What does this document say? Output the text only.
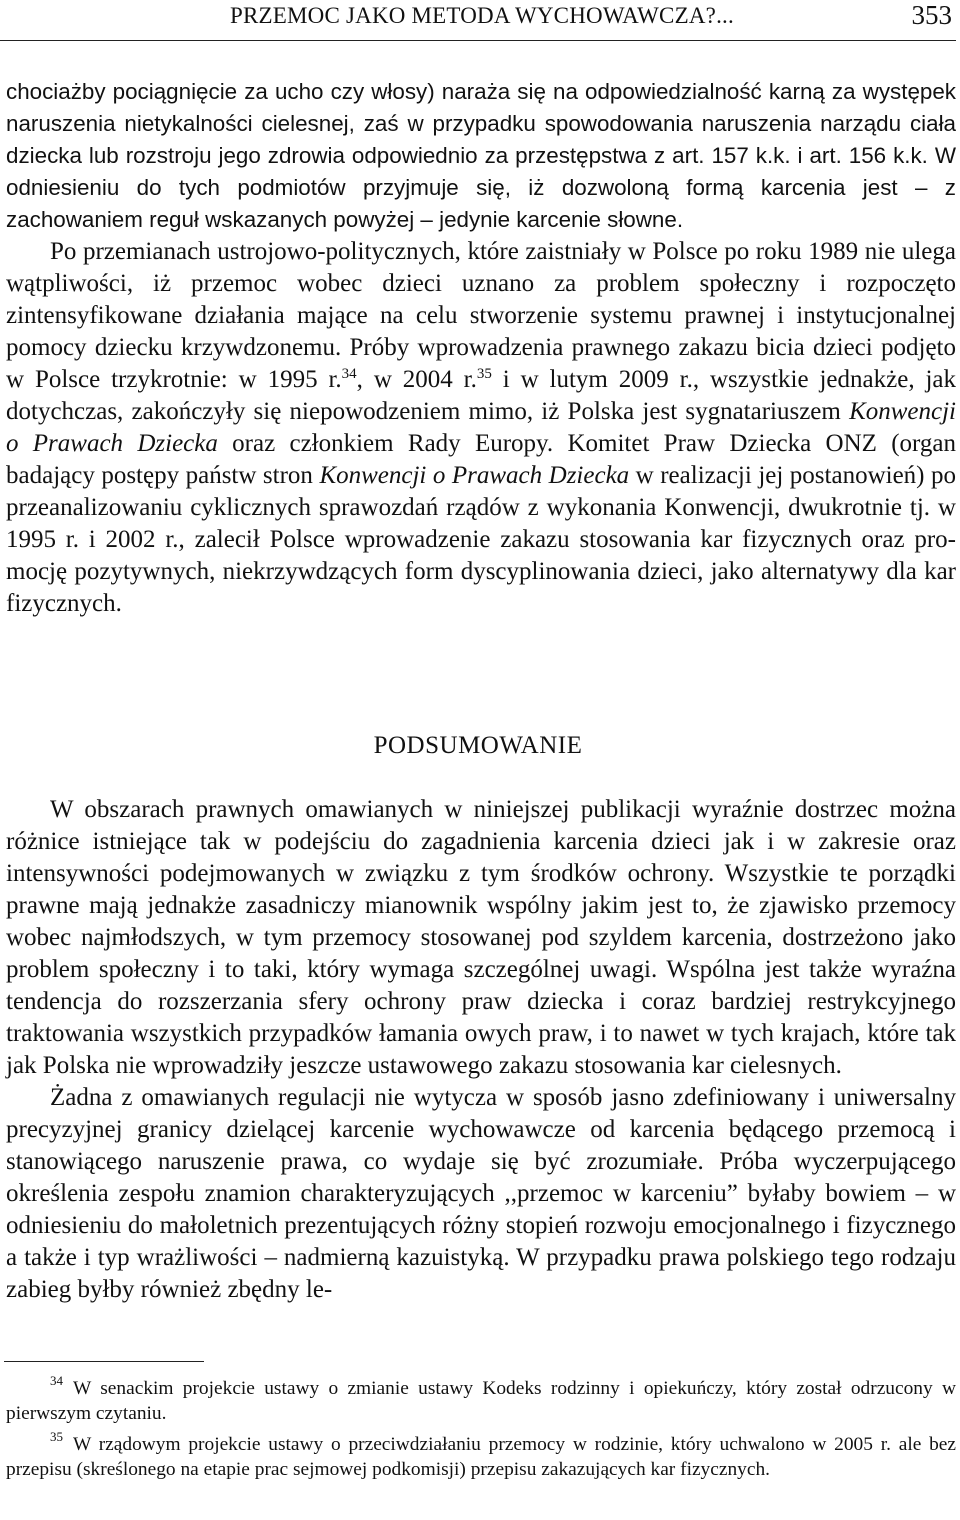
PRZEMOC JAKO METODA WYCHOWAWCZA?...	353

chociażby pociągnięcie za ucho czy włosy) naraża się na odpowiedzialność karną za występek naruszenia nietykalności cielesnej, zaś w przypadku spowodowania naruszenia narządu ciała dziecka lub rozstroju jego zdrowia odpowiednio za przestępstwa z art. 157 k.k. i art. 156 k.k. W odniesieniu do tych podmiotów przyjmuje się, iż dozwoloną formą karcenia jest – z zachowaniem reguł wskazanych powyżej – jedynie karcenie słowne.

Po przemianach ustrojowo-politycznych, które zaistniały w Polsce po roku 1989 nie ulega wątpliwości, iż przemoc wobec dzieci uznano za problem społeczny i rozpoczęto zintensyfikowane działania mające na celu stworzenie systemu prawnej i instytucjonalnej pomocy dziecku krzywdzonemu. Próby wprowadzenia prawnego zakazu bicia dzieci podjęto w Polsce trzykrotnie: w 1995 r.$^{34}$, w 2004 r.$^{35}$ i w lutym 2009 r., wszystkie jednakże, jak dotychczas, zakończyły się niepowodzeniem mimo, iż Polska jest sygnatariuszem Konwencji o Prawach Dziecka oraz członkiem Rady Europy. Komitet Praw Dziecka ONZ (organ badający postępy państw stron Konwencji o Prawach Dziecka w realizacji jej postanowień) po przeanalizowaniu cyklicznych sprawozdań rządów z wykonania Konwencji, dwukrotnie tj. w 1995 r. i 2002 r., zalecił Polsce wprowadzenie zakazu stosowania kar fizycznych oraz promocję pozytywnych, niekrzywdzących form dyscyplinowania dzieci, jako alternatywy dla kar fizycznych.

PODSUMOWANIE

W obszarach prawnych omawianych w niniejszej publikacji wyraźnie dostrzec można różnice istniejące tak w podejściu do zagadnienia karcenia dzieci jak i w zakresie oraz intensywności podejmowanych w związku z tym środków ochrony. Wszystkie te porządki prawne mają jednakże zasadniczy mianownik wspólny jakim jest to, że zjawisko przemocy wobec najmłodszych, w tym przemocy stosowanej pod szyldem karcenia, dostrzeżono jako problem społeczny i to taki, który wymaga szczególnej uwagi. Wspólna jest także wyraźna tendencja do rozszerzania sfery ochrony praw dziecka i coraz bardziej restrykcyjnego traktowania wszystkich przypadków łamania owych praw, i to nawet w tych krajach, które tak jak Polska nie wprowadziły jeszcze ustawowego zakazu stosowania kar cielesnych.

Żadna z omawianych regulacji nie wytycza w sposób jasno zdefiniowany i uniwersalny precyzyjnej granicy dzielącej karcenie wychowawcze od karcenia będącego przemocą i stanowiącego naruszenie prawa, co wydaje się być zrozumiałe. Próba wyczerpującego określenia zespołu znamion charakteryzujących ,,przemoc w karceniu” byłaby bowiem – w odniesieniu do małoletnich prezentujących różny stopień rozwoju emocjonalnego i fizycznego a także i typ wrażliwości – nadmierną kazuistyką. W przypadku prawa polskiego tego rodzaju zabieg byłby również zbędny le-

$^{34}$ W senackim projekcie ustawy o zmianie ustawy Kodeks rodzinny i opiekuńczy, który został odrzucony w pierwszym czytaniu.

$^{35}$ W rządowym projekcie ustawy o przeciwdziałaniu przemocy w rodzinie, który uchwalono w 2005 r. ale bez przepisu (skreślonego na etapie prac sejmowej podkomisji) przepisu zakazujących kar fizycznych.
